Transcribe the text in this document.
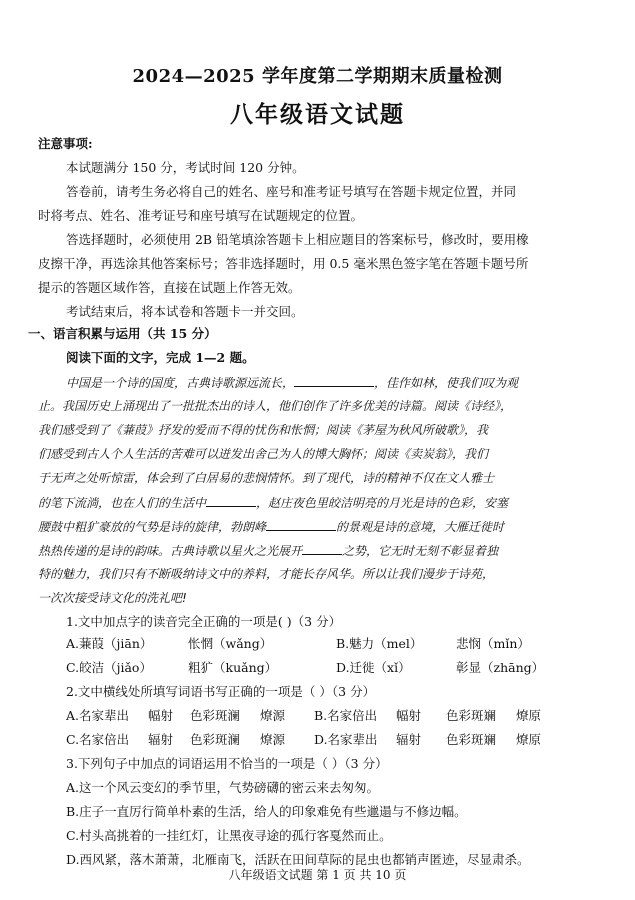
2024—2025 学年度第二学期期末质量检测
八年级语文试题
注意事项:
本试题满分 150 分，考试时间 120 分钟。
答卷前，请考生务必将自己的姓名、座号和准考证号填写在答题卡规定位置，并同
时将考点、姓名、准考证号和座号填写在试题规定的位置。
答选择题时，必须使用 2B 铅笔填涂答题卡上相应题目的答案标号，修改时，要用橡
皮擦干净，再选涂其他答案标号；答非选择题时，用 0.5 毫米黑色签字笔在答题卡题号所
提示的答题区域作答，直接在试题上作答无效。
考试结束后，将本试卷和答题卡一并交回。
一、语言积累与运用（共 15 分）
阅读下面的文字，完成 1—2 题。
中国是一个诗的国度，古典诗歌源远流长，	，佳作如林，使我们叹为观
止。我国历史上涌现出了一批批杰出的诗人，他们创作了许多优美的诗篇。阅读《诗经》，
我们感受到了《蒹葭》抒发的爱而不得的忧伤和怅惘；阅读《茅屋为秋风所破歌》，我
们感受到古人个人生活的苦难可以迸发出舍己为人的博大胸怀；阅读《卖炭翁》，我们
于无声之处听惊雷，体会到了白居易的悲悯情怀。到了现代，诗的精神不仅在文人雅士
的笔下流淌，也在人们的生活中	，赵庄夜色里皎洁明亮的月光是诗的色彩，安塞
腰鼓中粗犷豪放的气势是诗的旋律，勃朗峰	的景观是诗的意境，大雁迁徙时
热热传递的是诗的韵味。古典诗歌以星火之光展开	之势，它无时无刻不彰显着独
特的魅力，我们只有不断吸纳诗文中的养料，才能长存风华。所以让我们漫步于诗苑，
一次次接受诗文化的洗礼吧!
1.文中加点字的读音完全正确的一项是( )（3 分）
A.蒹葭（jiān）	怅惘（wǎng）	B.魅力（mel）	悲悯（mǐn）
C.皎洁（jiǎo）	粗犷（kuǎng）	D.迁徙（xǐ）	彰显（zhāng）
2.文中横线处所填写词语书写正确的一项是（ ）（3 分）
A.名家辈出 幅射 色彩斑澜 燎源 B.名家倍出 幅射 色彩斑斓 燎原
C.名家倍出 辐射 色彩斑澜 燎源 D.名家辈出 辐射 色彩斑斓 燎原
3.下列句子中加点的词语运用不恰当的一项是（ ）（3 分）
A.这一个风云变幻的季节里，气势磅礴的密云来去匆匆。
B.庄子一直厉行简单朴素的生活，给人的印象难免有些邋遢与不修边幅。
C.村头高挑着的一挂红灯，让黑夜寻途的孤行客戛然而止。
D.西风紧，落木萧萧，北雁南飞，活跃在田间草际的昆虫也都销声匿迹，尽显肃杀。
八年级语文试题 第 1 页 共 10 页
